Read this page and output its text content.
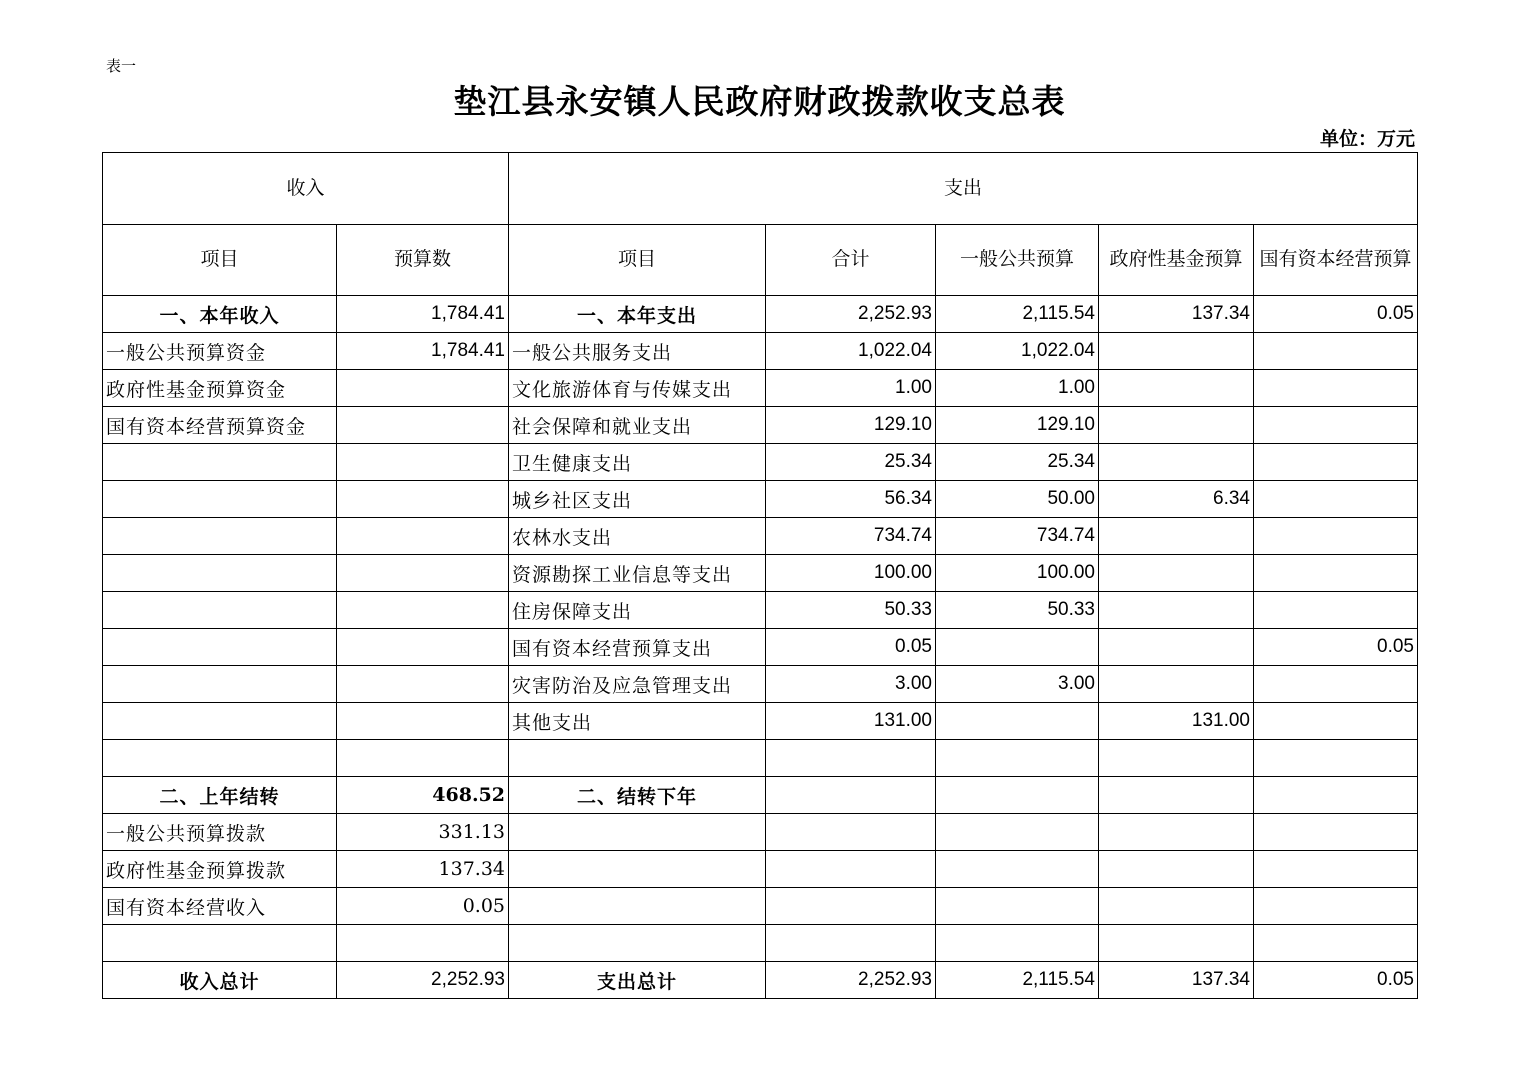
表一
垫江县永安镇人民政府财政拨款收支总表
单位：万元
收入		支出				
项目	预算数	项目	合计	一般公共预算	政府性基金预算	国有资本经营预算
一、本年收入	1,784.41	一、本年支出	2,252.93	2,115.54	137.34	0.05
一般公共预算资金	1,784.41	一般公共服务支出	1,022.04	1,022.04		
政府性基金预算资金		文化旅游体育与传媒支出	1.00	1.00		
国有资本经营预算资金		社会保障和就业支出	129.10	129.10		
		卫生健康支出	25.34	25.34		
		城乡社区支出	56.34	50.00	6.34	
		农林水支出	734.74	734.74		
		资源勘探工业信息等支出	100.00	100.00		
		住房保障支出	50.33	50.33		
		国有资本经营预算支出	0.05			0.05
		灾害防治及应急管理支出	3.00	3.00		
		其他支出	131.00		131.00	

二、上年结转	468.52	二、结转下年				
一般公共预算拨款	331.13					
政府性基金预算拨款	137.34					
国有资本经营收入	0.05					

收入总计	2,252.93	支出总计	2,252.93	2,115.54	137.34	0.05
